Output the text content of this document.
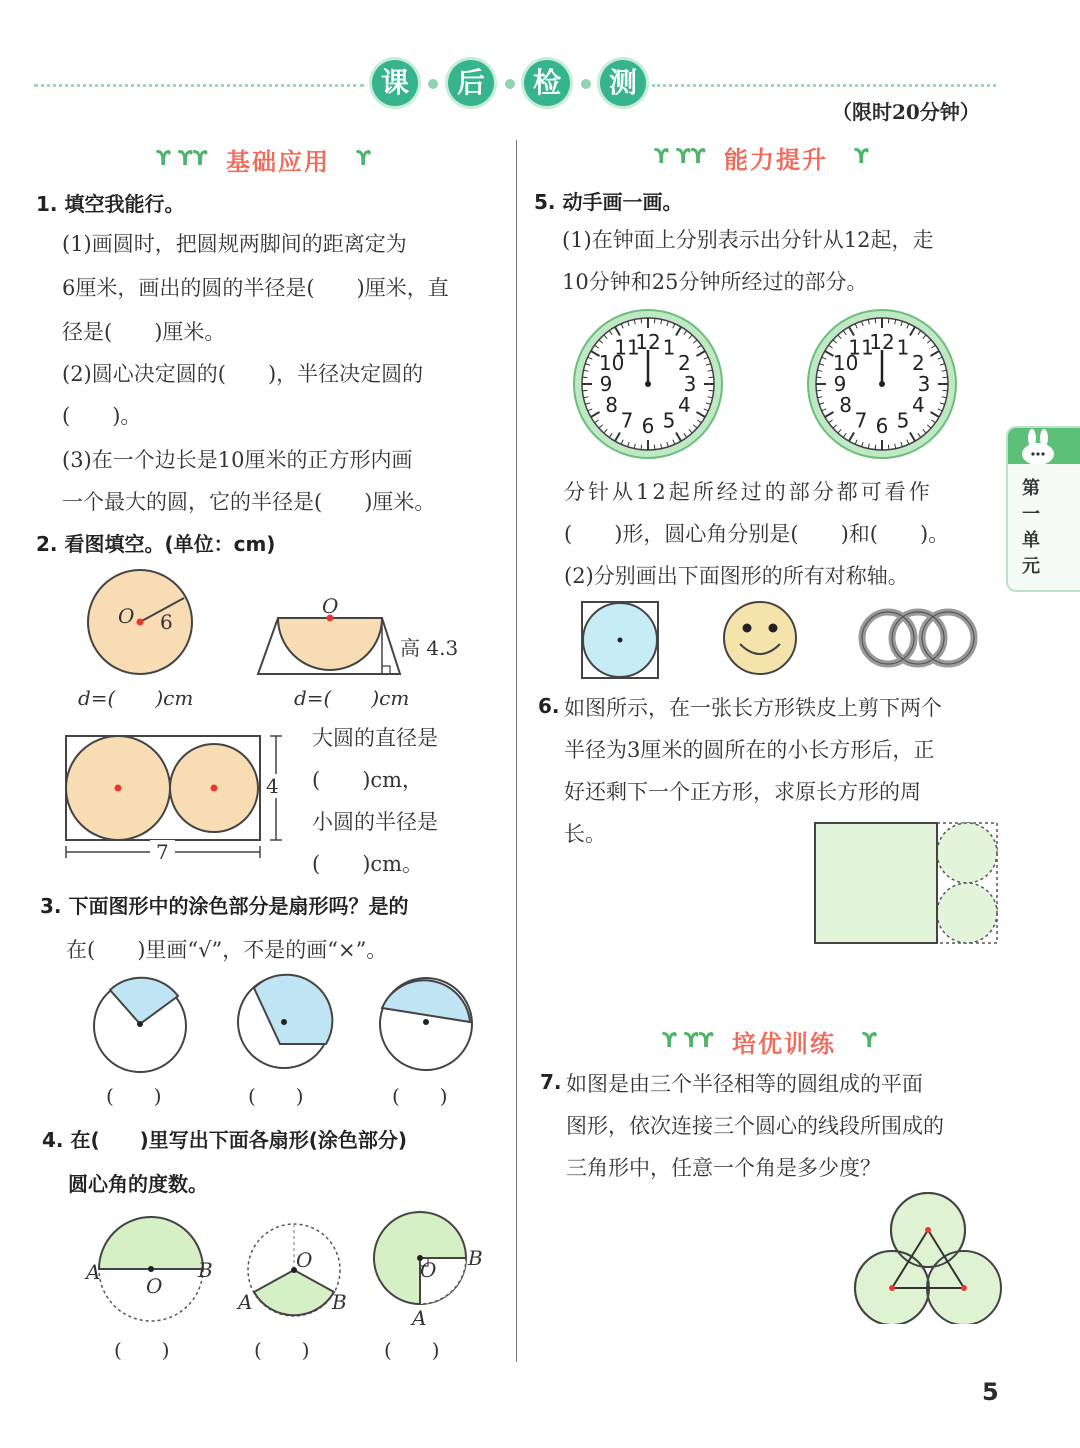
课	后	检	测
（限时20分钟）
ϒ ϒϒ 基础应用 ϒ	ϒ ϒϒ 能力提升 ϒ
1. 填空我能行。
(1)画圆时，把圆规两脚间的距离定为
6厘米，画出的圆的半径是(　　)厘米，直
径是(　　)厘米。
(2)圆心决定圆的(　　)，半径决定圆的
(　　)。
(3)在一个边长是10厘米的正方形内画
一个最大的圆，它的半径是(　　)厘米。
2. 看图填空。(单位：cm)
O 6
d=(　　)cm
O
高 4.3
d=(　　)cm
4
7
大圆的直径是
(　　)cm，
小圆的半径是
(　　)cm。
3. 下面图形中的涂色部分是扇形吗？是的
在(　　)里画“√”，不是的画“×”。
(　　)	(　　)	(　　)
4. 在(　　)里写出下面各扇形(涂色部分)
圆心角的度数。
A
O
B
A
O
B
A
O B
(　　)	(　　)	(　　)
5. 动手画一画。
(1)在钟面上分别表示出分针从12起，走
10分钟和25分钟所经过的部分。
12 1
2
3
4
5
6
7
8
9
10
11	12 1
2
3
4
5
6
7
8
9
10
11
分针从12起所经过的部分都可看作
(　　)形，圆心角分别是(　　)和(　　)。
(2)分别画出下面图形的所有对称轴。
6. 如图所示，在一张长方形铁皮上剪下两个
半径为3厘米的圆所在的小长方形后，正
好还剩下一个正方形，求原长方形的周
长。
ϒ ϒϒ 培优训练 ϒ
7. 如图是由三个半径相等的圆组成的平面
图形，依次连接三个圆心的线段所围成的
三角形中，任意一个角是多少度？
第一单元
5
